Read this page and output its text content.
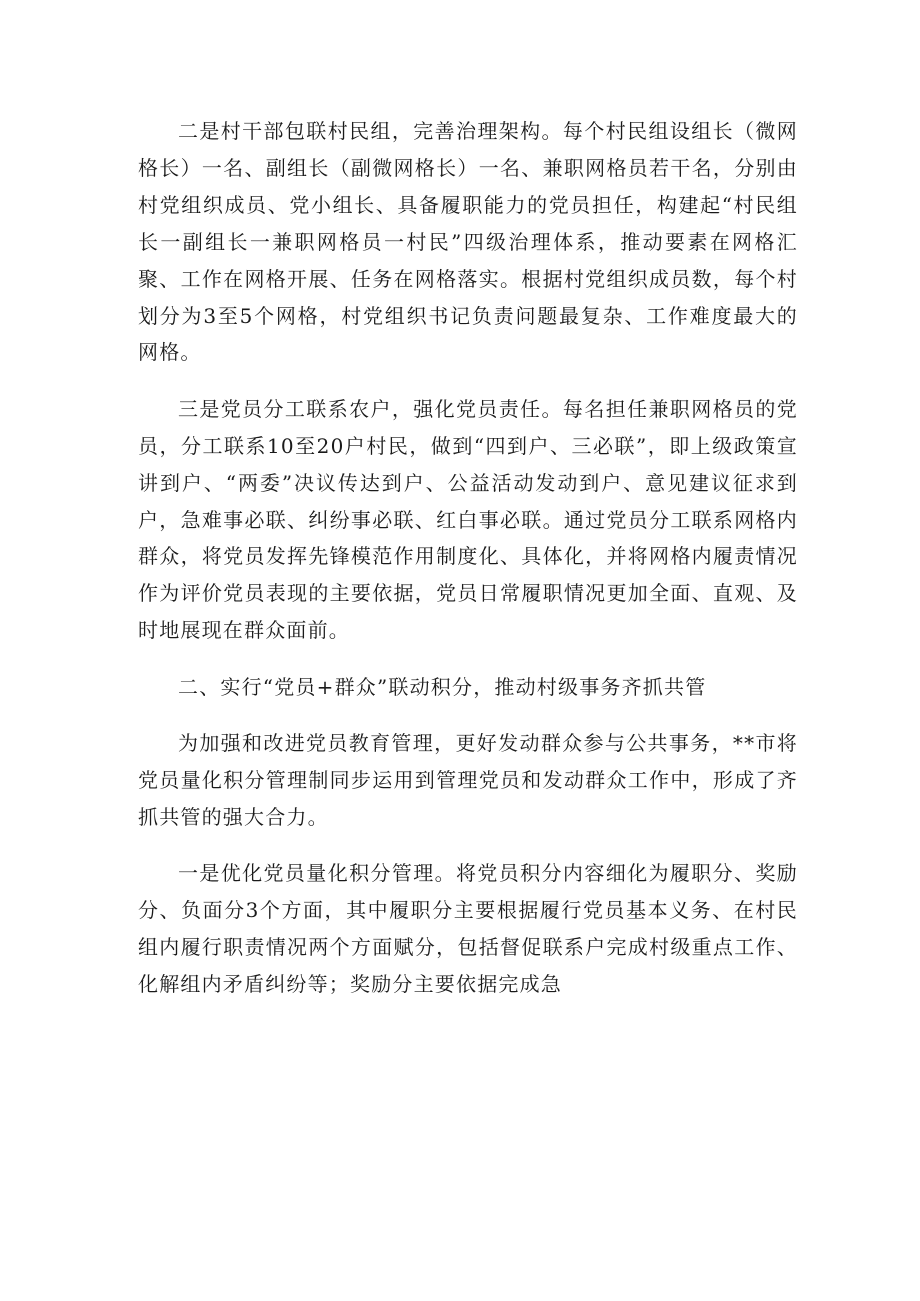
二是村干部包联村民组，完善治理架构。每个村民组设组长（微网格长）一名、副组长（副微网格长）一名、兼职网格员若干名，分别由村党组织成员、党小组长、具备履职能力的党员担任，构建起“村民组长一副组长一兼职网格员一村民”四级治理体系，推动要素在网格汇聚、工作在网格开展、任务在网格落实。根据村党组织成员数，每个村划分为3至5个网格，村党组织书记负责问题最复杂、工作难度最大的网格。

三是党员分工联系农户，强化党员责任。每名担任兼职网格员的党员，分工联系10至20户村民，做到“四到户、三必联”，即上级政策宣讲到户、“两委”决议传达到户、公益活动发动到户、意见建议征求到户，急难事必联、纠纷事必联、红白事必联。通过党员分工联系网格内群众，将党员发挥先锋模范作用制度化、具体化，并将网格内履责情况作为评价党员表现的主要依据，党员日常履职情况更加全面、直观、及时地展现在群众面前。

二、实行“党员+群众”联动积分，推动村级事务齐抓共管

为加强和改进党员教育管理，更好发动群众参与公共事务，**市将党员量化积分管理制同步运用到管理党员和发动群众工作中，形成了齐抓共管的强大合力。

一是优化党员量化积分管理。将党员积分内容细化为履职分、奖励分、负面分3个方面，其中履职分主要根据履行党员基本义务、在村民组内履行职责情况两个方面赋分，包括督促联系户完成村级重点工作、化解组内矛盾纠纷等；奖励分主要依据完成急
